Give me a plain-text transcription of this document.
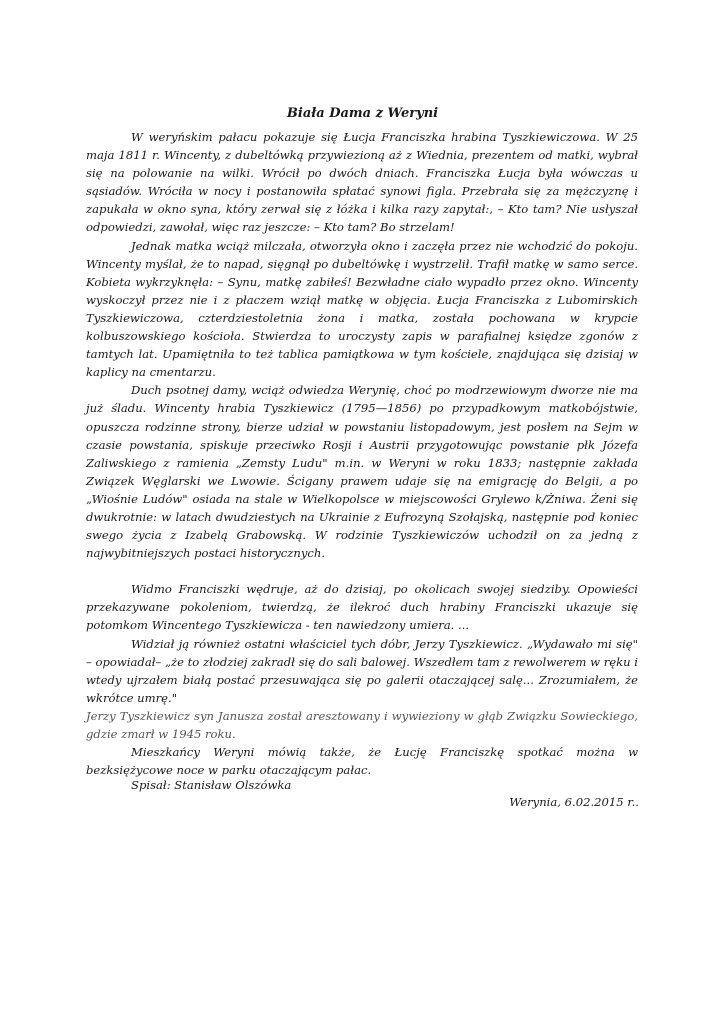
Biała Dama z Weryni

W weryńskim pałacu pokazuje się Łucja Franciszka hrabina Tyszkiewiczowa. W 25 maja 1811 r. Wincenty, z dubeltówką przywiezioną aż z Wiednia, prezentem od matki, wybrał się na polowanie na wilki. Wrócił po dwóch dniach. Franciszka Łucja była wówczas u sąsiadów. Wróciła w nocy i postanowiła spłatać synowi figla. Przebrała się za mężczyznę i zapukała w okno syna, który zerwał się z łóżka i kilka razy zapytał:, – Kto tam? Nie usłyszał odpowiedzi, zawołał, więc raz jeszcze: – Kto tam? Bo strzelam!

Jednak matka wciąż milczała, otworzyła okno i zaczęła przez nie wchodzić do pokoju. Wincenty myślał, że to napad, sięgnął po dubeltówkę i wystrzelił. Trafił matkę w samo serce. Kobieta wykrzyknęła: – Synu, matkę zabiłeś! Bezwładne ciało wypadło przez okno. Wincenty wyskoczył przez nie i z płaczem wziął matkę w objęcia. Łucja Franciszka z Lubomirskich Tyszkiewiczowa, czterdziestoletnia żona i matka, została pochowana w krypcie kolbuszowskiego kościoła. Stwierdza to uroczysty zapis w parafialnej księdze zgonów z tamtych lat. Upamiętniła to też tablica pamiątkowa w tym kościele, znajdująca się dzisiaj w kaplicy na cmentarzu.

Duch psotnej damy, wciąż odwiedza Werynię, choć po modrzewiowym dworze nie ma już śladu. Wincenty hrabia Tyszkiewicz (1795—1856) po przypadkowym matkobójstwie, opuszcza rodzinne strony, bierze udział w powstaniu listopadowym, jest posłem na Sejm w czasie powstania, spiskuje przeciwko Rosji i Austrii przygotowując powstanie płk Józefa Zaliwskiego z ramienia „Zemsty Ludu" m.in. w Weryni w roku 1833; następnie zakłada Związek Węglarski we Lwowie. Ścigany prawem udaje się na emigrację do Belgii, a po „Wiośnie Ludów" osiada na stale w Wielkopolsce w miejscowości Grylewo k/Żniwa. Żeni się dwukrotnie: w latach dwudziestych na Ukrainie z Eufrozyną Szołajską, następnie pod koniec swego życia z Izabelą Grabowską. W rodzinie Tyszkiewiczów uchodził on za jedną z najwybitniejszych postaci historycznych.

Widmo Franciszki wędruje, aż do dzisiaj, po okolicach swojej siedziby. Opowieści przekazywane pokoleniom, twierdzą, że ilekroć duch hrabiny Franciszki ukazuje się potomkom Wincentego Tyszkiewicza - ten nawiedzony umiera. ...

Widział ją również ostatni właściciel tych dóbr, Jerzy Tyszkiewicz. „Wydawało mi się" – opowiadał– „że to złodziej zakradł się do sali balowej. Wszedłem tam z rewolwerem w ręku i wtedy ujrzałem białą postać przesuwająca się po galerii otaczającej salę... Zrozumiałem, że wkrótce umrę."

Jerzy Tyszkiewicz syn Janusza został aresztowany i wywieziony w głąb Związku Sowieckiego, gdzie zmarł w 1945 roku.

Mieszkańcy Weryni mówią także, że Łucję Franciszkę spotkać można w bezksiężycowe noce w parku otaczającym pałac.

Spisał: Stanisław Olszówka

Werynia, 6.02.2015 r..
